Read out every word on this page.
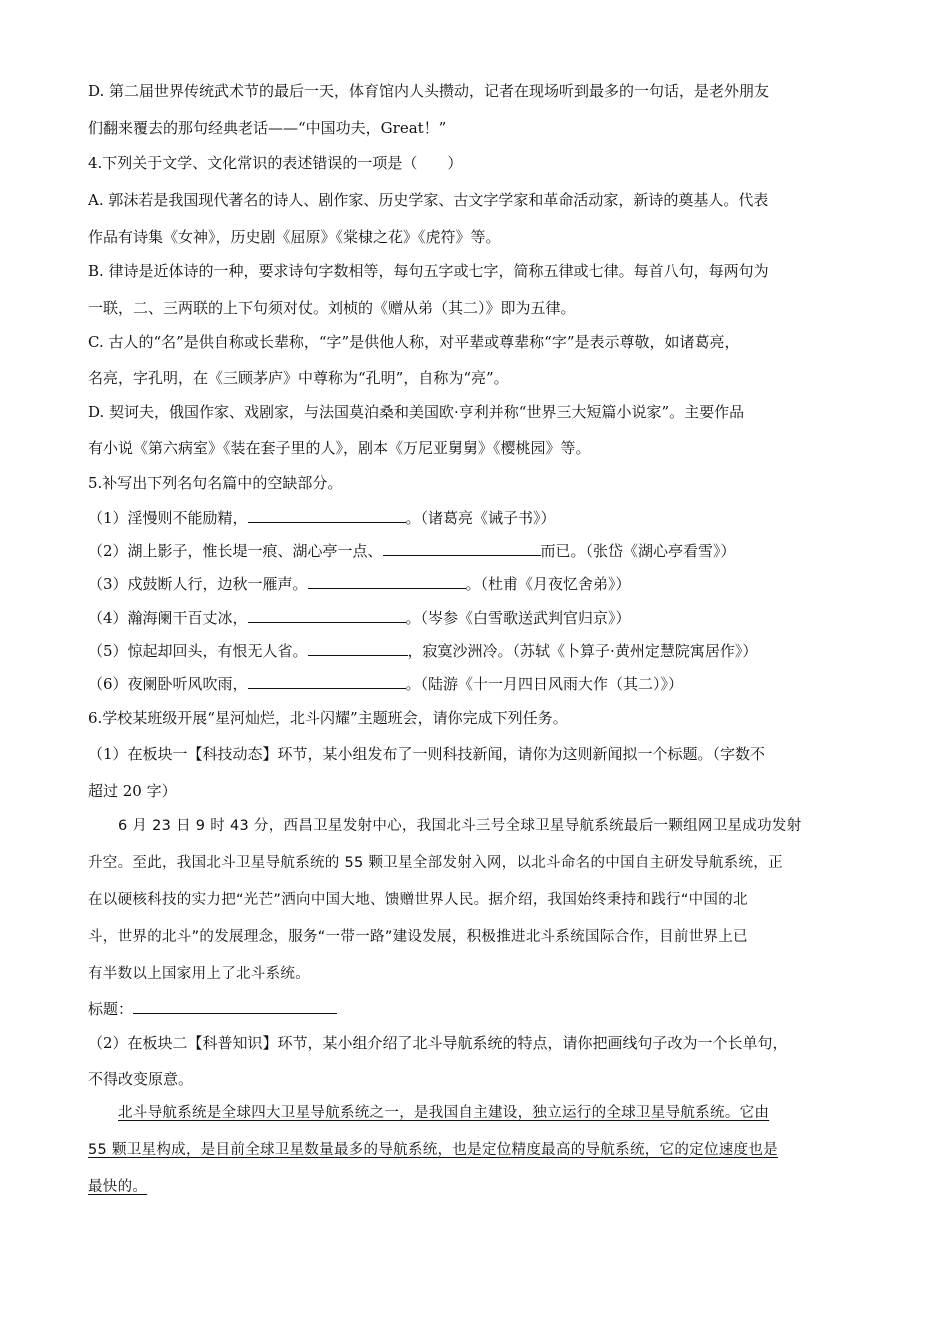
D. 第二届世界传统武术节的最后一天，体育馆内人头攒动，记者在现场听到最多的一句话，是老外朋友
们翻来覆去的那句经典老话——“中国功夫，Great！”
4.下列关于文学、文化常识的表述错误的一项是（　　）
A. 郭沫若是我国现代著名的诗人、剧作家、历史学家、古文字学家和革命活动家，新诗的奠基人。代表
作品有诗集《女神》，历史剧《屈原》《棠棣之花》《虎符》等。
B. 律诗是近体诗的一种，要求诗句字数相等，每句五字或七字，简称五律或七律。每首八句，每两句为
一联，二、三两联的上下句须对仗。刘桢的《赠从弟（其二）》即为五律。
C. 古人的“名”是供自称或长辈称，“字”是供他人称，对平辈或尊辈称“字”是表示尊敬，如诸葛亮，
名亮，字孔明，在《三顾茅庐》中尊称为“孔明”，自称为“亮”。
D. 契诃夫，俄国作家、戏剧家，与法国莫泊桑和美国欧·亨利并称“世界三大短篇小说家”。主要作品
有小说《第六病室》《装在套子里的人》，剧本《万尼亚舅舅》《樱桃园》等。
5.补写出下列名句名篇中的空缺部分。
（1）淫慢则不能励精，	。（诸葛亮《诫子书》）
（2）湖上影子，惟长堤一痕、湖心亭一点、	而已。（张岱《湖心亭看雪》）
（3）戍鼓断人行，边秋一雁声。	。（杜甫《月夜忆舍弟》）
（4）瀚海阑干百丈冰，	。（岑参《白雪歌送武判官归京》）
（5）惊起却回头，有恨无人省。	，寂寞沙洲冷。（苏轼《卜算子·黄州定慧院寓居作》）
（6）夜阑卧听风吹雨，	。（陆游《十一月四日风雨大作（其二）》）
6.学校某班级开展“星河灿烂，北斗闪耀”主题班会，请你完成下列任务。
（1）在板块一【科技动态】环节，某小组发布了一则科技新闻，请你为这则新闻拟一个标题。（字数不
超过 20 字）
6 月 23 日 9 时 43 分，西昌卫星发射中心，我国北斗三号全球卫星导航系统最后一颗组网卫星成功发射
升空。至此，我国北斗卫星导航系统的 55 颗卫星全部发射入网，以北斗命名的中国自主研发导航系统，正
在以硬核科技的实力把“光芒”洒向中国大地、馈赠世界人民。据介绍，我国始终秉持和践行“中国的北
斗，世界的北斗”的发展理念，服务“一带一路”建设发展，积极推进北斗系统国际合作，目前世界上已
有半数以上国家用上了北斗系统。
标题：
（2）在板块二【科普知识】环节，某小组介绍了北斗导航系统的特点，请你把画线句子改为一个长单句，
不得改变原意。
北斗导航系统是全球四大卫星导航系统之一，是我国自主建设，独立运行的全球卫星导航系统。它由
55 颗卫星构成，是目前全球卫星数量最多的导航系统，也是定位精度最高的导航系统，它的定位速度也是
最快的。
